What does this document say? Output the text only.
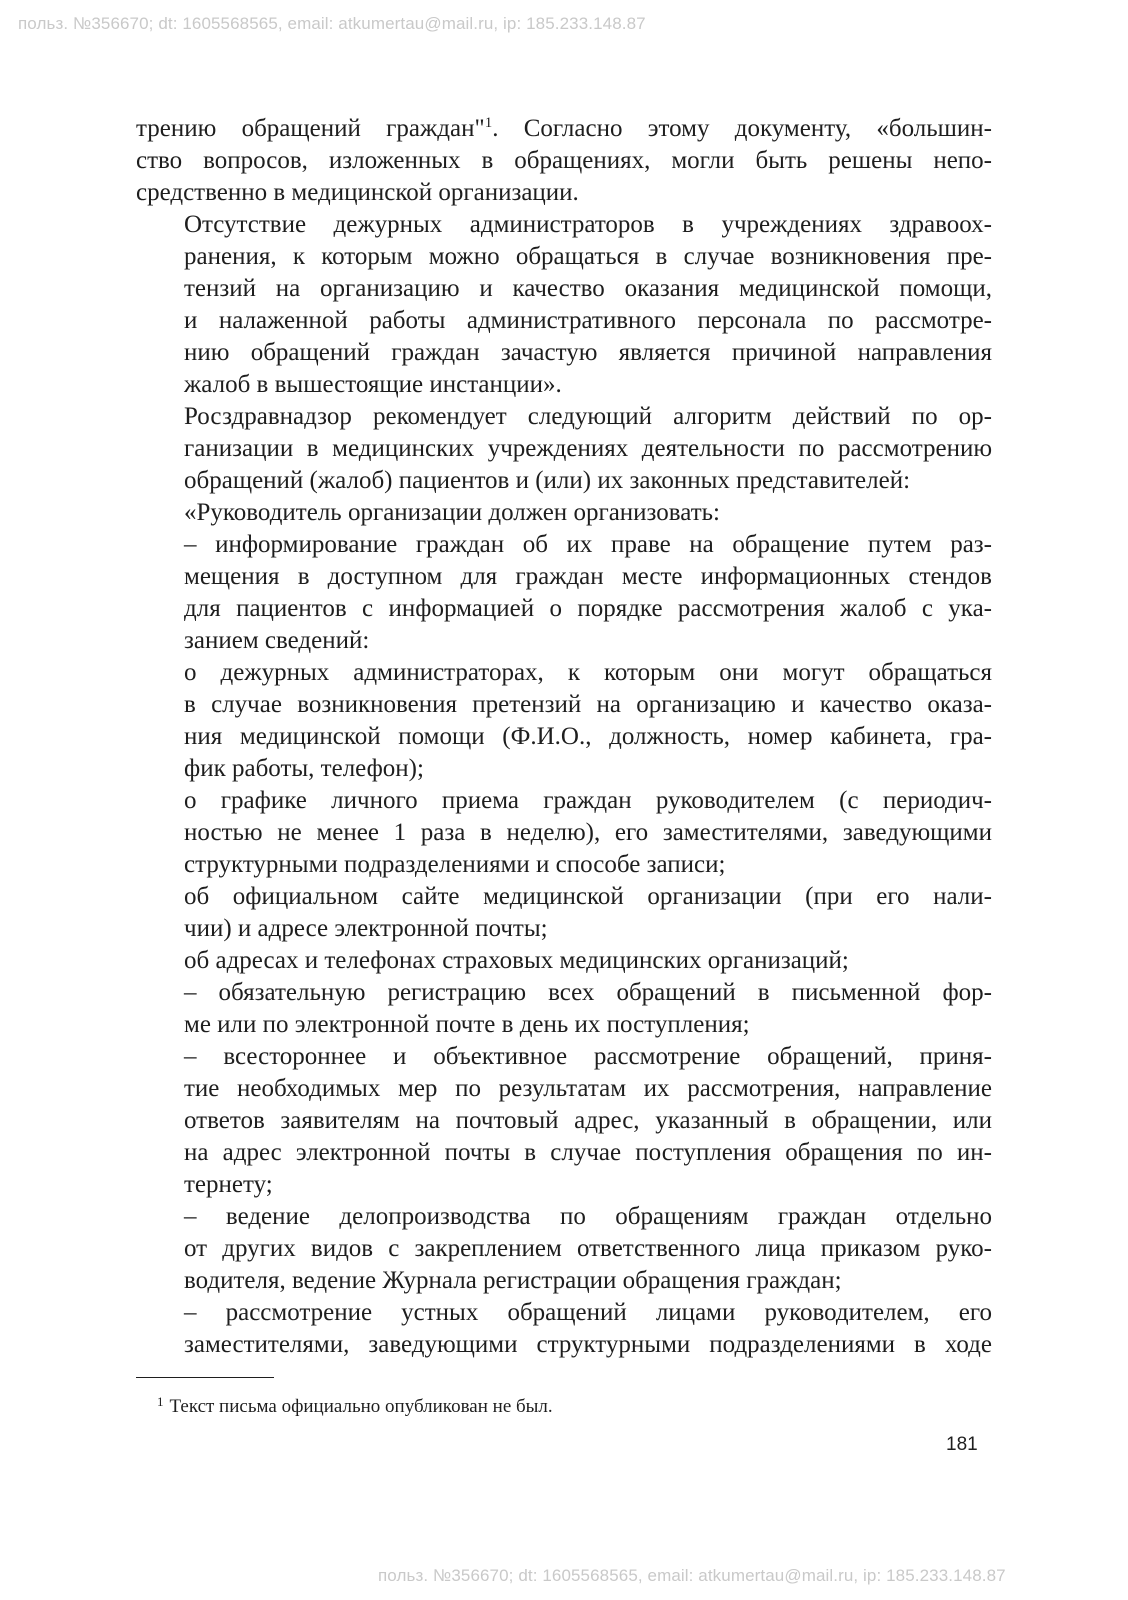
польз. №356670; dt: 1605568565, email: atkumertau@mail.ru, ip: 185.233.148.87

трению обращений граждан"$^1$. Согласно этому документу, «большин-
ство вопросов, изложенных в обращениях, могли быть решены непо-
средственно в медицинской организации.

Отсутствие дежурных администраторов в учреждениях здравоох-
ранения, к которым можно обращаться в случае возникновения пре-
тензий на организацию и качество оказания медицинской помощи,
и налаженной работы административного персонала по рассмотре-
нию обращений граждан зачастую является причиной направления
жалоб в вышестоящие инстанции».

Росздравнадзор рекомендует следующий алгоритм действий по ор-
ганизации в медицинских учреждениях деятельности по рассмотрению
обращений (жалоб) пациентов и (или) их законных представителей:

«Руководитель организации должен организовать:

– информирование граждан об их праве на обращение путем раз-
мещения в доступном для граждан месте информационных стендов
для пациентов с информацией о порядке рассмотрения жалоб с ука-
занием сведений:

о дежурных администраторах, к которым они могут обращаться
в случае возникновения претензий на организацию и качество оказа-
ния медицинской помощи (Ф.И.О., должность, номер кабинета, гра-
фик работы, телефон);

о графике личного приема граждан руководителем (с периодич-
ностью не менее 1 раза в неделю), его заместителями, заведующими
структурными подразделениями и способе записи;

об официальном сайте медицинской организации (при его нали-
чии) и адресе электронной почты;

об адресах и телефонах страховых медицинских организаций;

– обязательную регистрацию всех обращений в письменной фор-
ме или по электронной почте в день их поступления;

– всестороннее и объективное рассмотрение обращений, приня-
тие необходимых мер по результатам их рассмотрения, направление
ответов заявителям на почтовый адрес, указанный в обращении, или
на адрес электронной почты в случае поступления обращения по ин-
тернету;

– ведение делопроизводства по обращениям граждан отдельно
от других видов с закреплением ответственного лица приказом руко-
водителя, ведение Журнала регистрации обращения граждан;

– рассмотрение устных обращений лицами руководителем, его
заместителями, заведующими структурными подразделениями в ходе

$^1$ Текст письма официально опубликован не был.
181
польз. №356670; dt: 1605568565, email: atkumertau@mail.ru, ip: 185.233.148.87
